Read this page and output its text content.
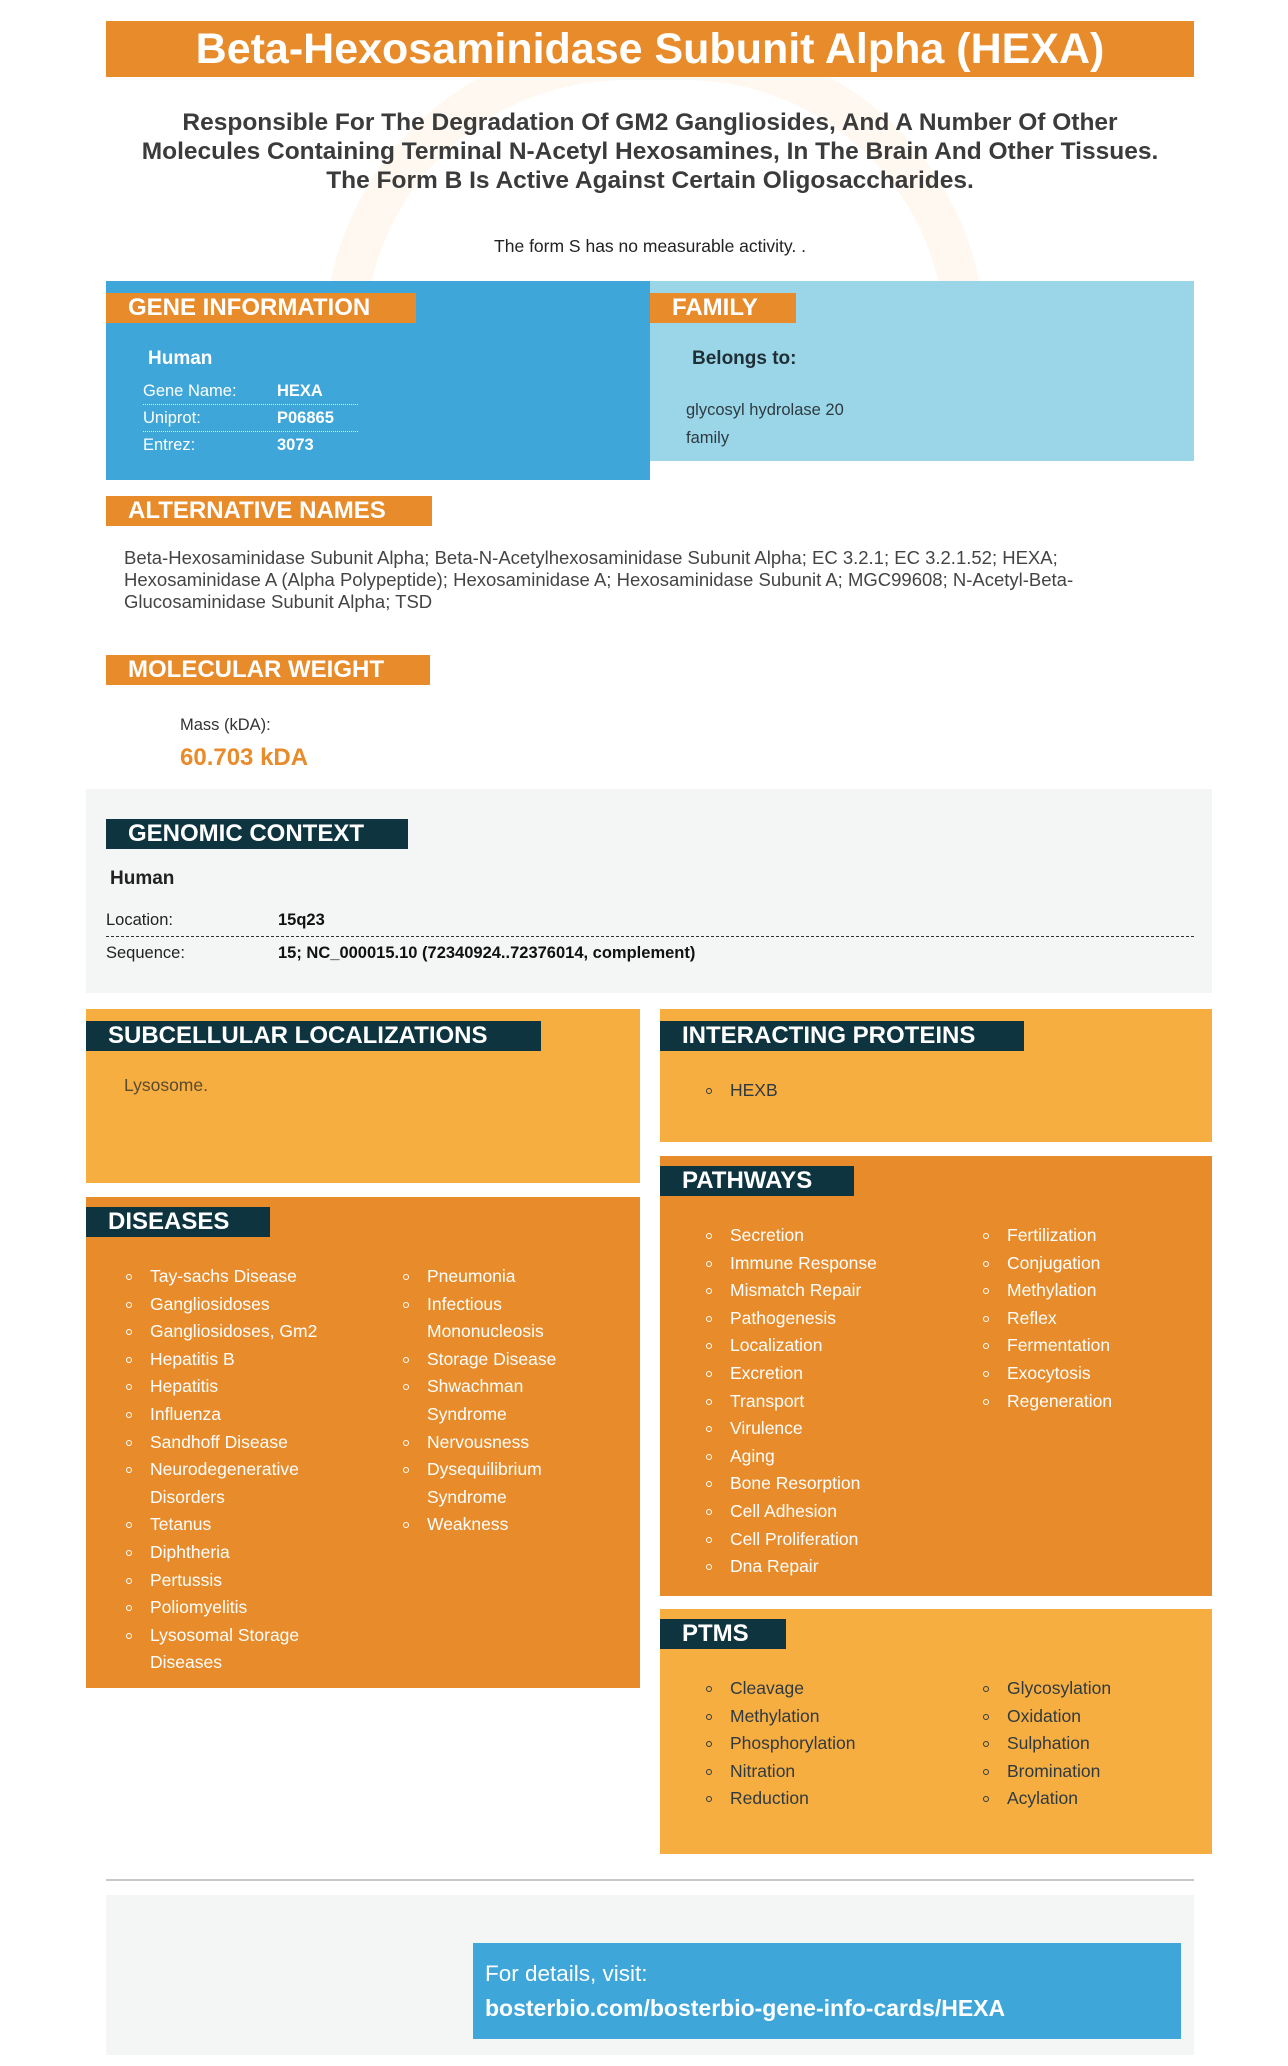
Beta-Hexosaminidase Subunit Alpha (HEXA)
Responsible For The Degradation Of GM2 Gangliosides, And A Number Of Other Molecules Containing Terminal N-Acetyl Hexosamines, In The Brain And Other Tissues. The Form B Is Active Against Certain Oligosaccharides.
The form S has no measurable activity. .
GENE INFORMATION
Human
Gene Name:	HEXA
Uniprot:	P06865
Entrez:	3073
FAMILY
Belongs to:
glycosyl hydrolase 20 family
ALTERNATIVE NAMES
Beta-Hexosaminidase Subunit Alpha; Beta-N-Acetylhexosaminidase Subunit Alpha; EC 3.2.1; EC 3.2.1.52; HEXA; Hexosaminidase A (Alpha Polypeptide); Hexosaminidase A; Hexosaminidase Subunit A; MGC99608; N-Acetyl-Beta-Glucosaminidase Subunit Alpha; TSD
MOLECULAR WEIGHT
Mass (kDA):
60.703 kDA
GENOMIC CONTEXT
Human
Location:	15q23
Sequence:	15; NC_000015.10 (72340924..72376014, complement)
SUBCELLULAR LOCALIZATIONS
Lysosome.
INTERACTING PROTEINS
HEXB
DISEASES
Tay-sachs Disease
Gangliosidoses
Gangliosidoses, Gm2
Hepatitis B
Hepatitis
Influenza
Sandhoff Disease
Neurodegenerative Disorders
Tetanus
Diphtheria
Pertussis
Poliomyelitis
Lysosomal Storage Diseases
Pneumonia
Infectious Mononucleosis
Storage Disease
Shwachman Syndrome
Nervousness
Dysequilibrium Syndrome
Weakness
PATHWAYS
Secretion
Immune Response
Mismatch Repair
Pathogenesis
Localization
Excretion
Transport
Virulence
Aging
Bone Resorption
Cell Adhesion
Cell Proliferation
Dna Repair
Fertilization
Conjugation
Methylation
Reflex
Fermentation
Exocytosis
Regeneration
PTMS
Cleavage
Methylation
Phosphorylation
Nitration
Reduction
Glycosylation
Oxidation
Sulphation
Bromination
Acylation
For details, visit:
bosterbio.com/bosterbio-gene-info-cards/HEXA
